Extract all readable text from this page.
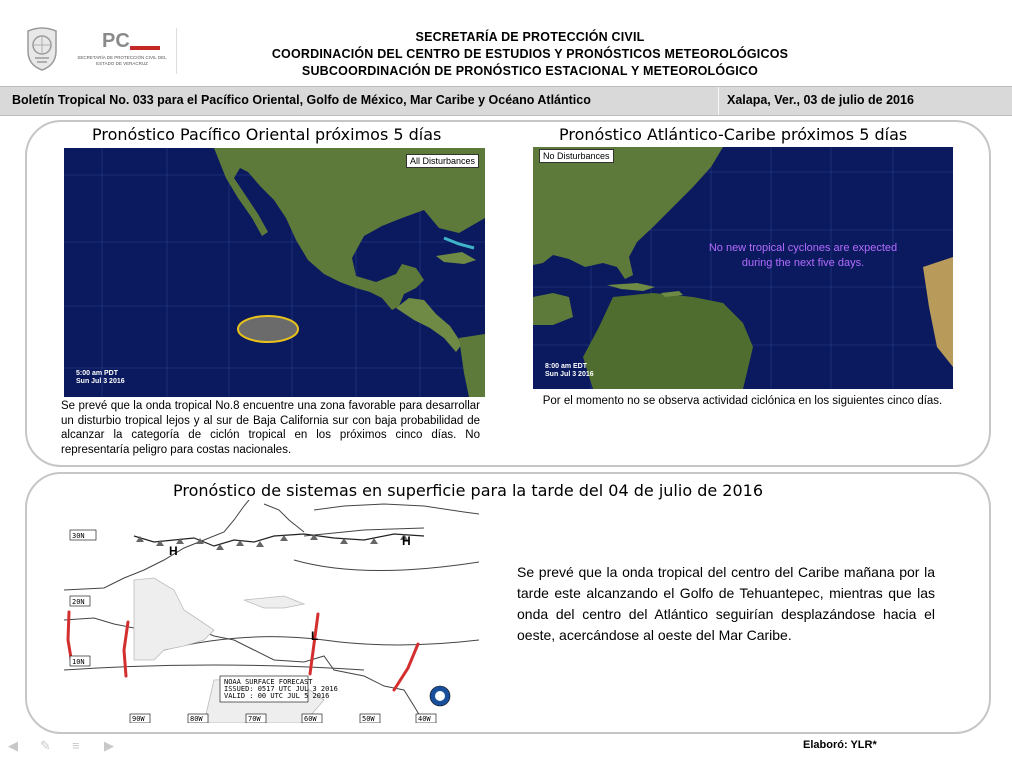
PC
SECRETARÍA DE PROTECCIÓN CIVIL DEL ESTADO DE VERACRUZ
SECRETARÍA DE PROTECCIÓN CIVIL
COORDINACIÓN DEL CENTRO DE ESTUDIOS Y PRONÓSTICOS METEOROLÓGICOS
SUBCOORDINACIÓN DE PRONÓSTICO ESTACIONAL Y METEOROLÓGICO
Boletín Tropical No. 033 para el Pacífico Oriental, Golfo de México, Mar Caribe y Océano Atlántico	Xalapa, Ver., 03 de julio de 2016
Pronóstico Pacífico Oriental próximos 5 días	Pronóstico Atlántico-Caribe próximos 5 días
All Disturbances
5:00 am PDT
Sun Jul 3 2016
No new tropical cyclones are expected
during the next five days.
No Disturbances
8:00 am EDT
Sun Jul 3 2016
Se prevé que la onda tropical No.8 encuentre una zona favorable para desarrollar un disturbio tropical lejos y al sur de Baja California sur con baja probabilidad de alcanzar la categoría de ciclón tropical en los próximos cinco días. No representaría peligro para costas nacionales.
Por el momento no se observa actividad ciclónica en los siguientes cinco días.
Pronóstico de sistemas en superficie para la tarde del 04 de julio de 2016
H
H
L
30N
20N
10N
90W	80W	70W	60W	50W	40W
NOAA SURFACE FORECAST
ISSUED: 0517 UTC JUL 3 2016
VALID : 00 UTC JUL 5 2016
Se prevé que la onda tropical del centro del Caribe mañana por la tarde este alcanzando el Golfo de Tehuantepec, mientras que las onda del centro del Atlántico seguirían desplazándose hacia el oeste, acercándose al oeste del Mar Caribe.
◀ ✎ ≡ ▶	Elaboró: YLR*
